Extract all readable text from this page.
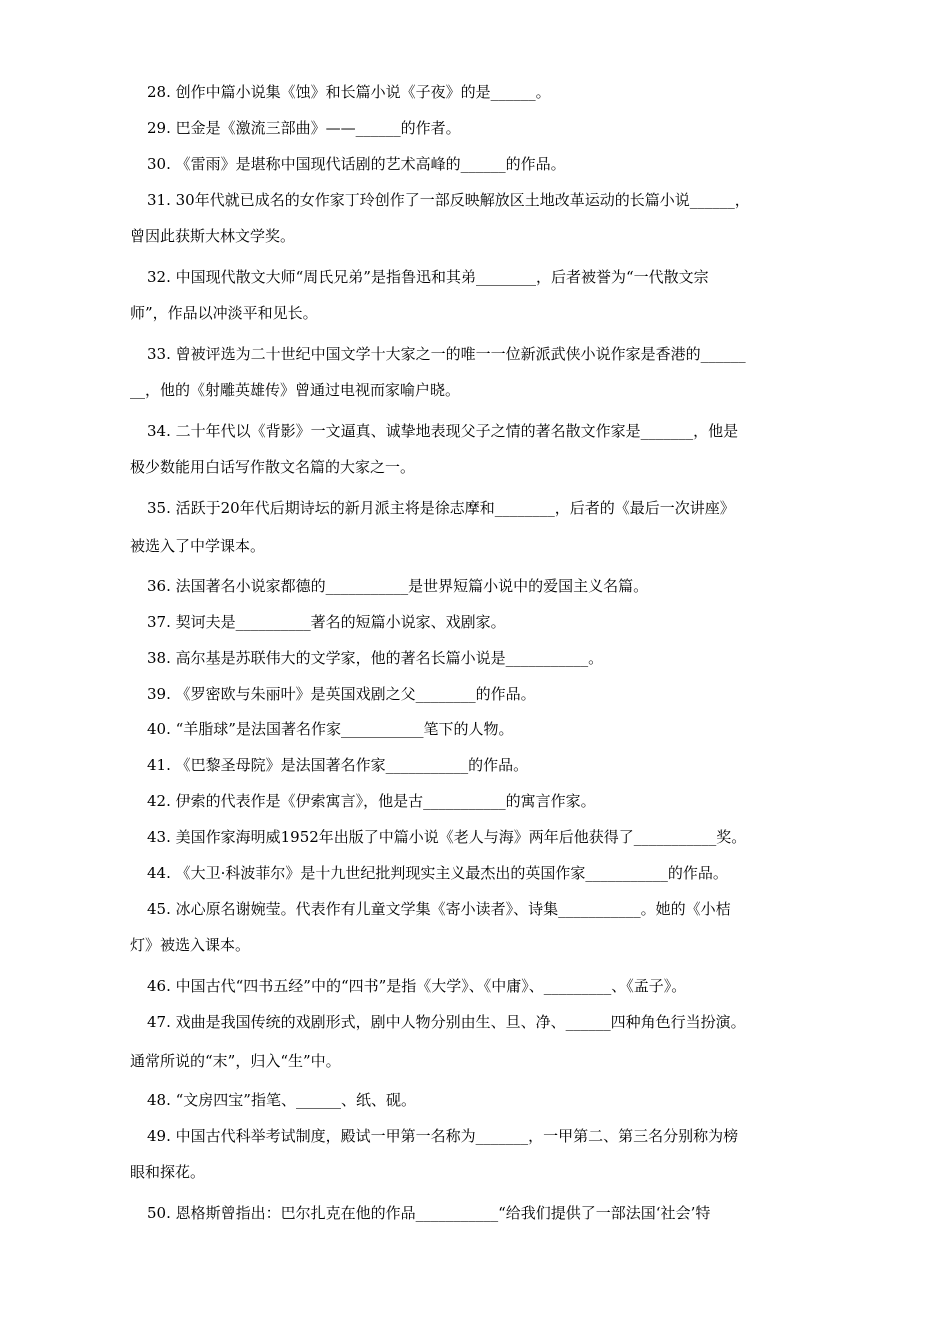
28. 创作中篇小说集《蚀》和长篇小说《子夜》的是______。
29. 巴金是《激流三部曲》——______的作者。
30. 《雷雨》是堪称中国现代话剧的艺术高峰的______的作品。
31. 30年代就已成名的女作家丁玲创作了一部反映解放区土地改革运动的长篇小说______，
曾因此获斯大林文学奖。
32. 中国现代散文大师“周氏兄弟”是指鲁迅和其弟________，后者被誉为“一代散文宗
师”，作品以冲淡平和见长。
33. 曾被评选为二十世纪中国文学十大家之一的唯一一位新派武侠小说作家是香港的______
__，他的《射雕英雄传》曾通过电视而家喻户晓。
34. 二十年代以《背影》一文逼真、诚挚地表现父子之情的著名散文作家是_______，他是
极少数能用白话写作散文名篇的大家之一。
35. 活跃于20年代后期诗坛的新月派主将是徐志摩和________，后者的《最后一次讲座》
被选入了中学课本。
36. 法国著名小说家都德的___________是世界短篇小说中的爱国主义名篇。
37. 契诃夫是__________著名的短篇小说家、戏剧家。
38. 高尔基是苏联伟大的文学家，他的著名长篇小说是___________。
39. 《罗密欧与朱丽叶》是英国戏剧之父________的作品。
40. “羊脂球”是法国著名作家___________笔下的人物。
41. 《巴黎圣母院》是法国著名作家___________的作品。
42. 伊索的代表作是《伊索寓言》，他是古___________的寓言作家。
43. 美国作家海明威1952年出版了中篇小说《老人与海》两年后他获得了___________奖。
44. 《大卫·科波菲尔》是十九世纪批判现实主义最杰出的英国作家___________的作品。
45. 冰心原名谢婉莹。代表作有儿童文学集《寄小读者》、诗集___________。她的《小桔
灯》被选入课本。
46. 中国古代“四书五经”中的“四书”是指《大学》、《中庸》、_________、《孟子》。
47. 戏曲是我国传统的戏剧形式，剧中人物分别由生、旦、净、______四种角色行当扮演。
通常所说的“末”，归入“生”中。
48. “文房四宝”指笔、______、纸、砚。
49. 中国古代科举考试制度，殿试一甲第一名称为_______，一甲第二、第三名分别称为榜
眼和探花。
50. 恩格斯曾指出：巴尔扎克在他的作品___________“给我们提供了一部法国‘社会’特
